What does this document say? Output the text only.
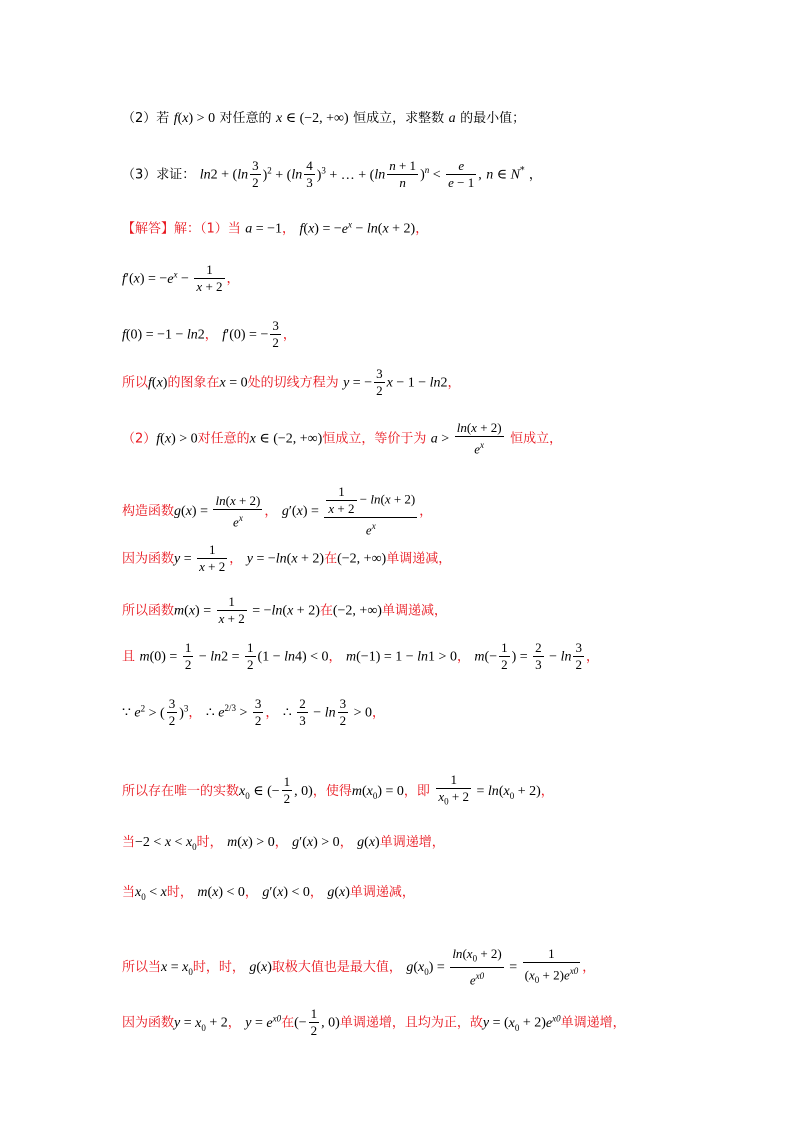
（2）若 f(x) > 0 对任意的 x ∈ (−2, +∞) 恒成立，求整数 a 的最小值；
（3）求证： $\ln 2 + (\ln \frac{3}{2} )^2 + (\ln \frac{4}{3} )^3$ + … + $(\ln \frac{n + 1}{n} )^n < \frac{e}{e - 1}$ , n ∈ N* ，
【解答】解：（1）当 a = −1， $f(x) = -e^x - \ln(x + 2)$，
$f'(x) = -e^x - \frac{1}{x + 2}$ ，
f(0) = −1 − ln2， f′(0) = − $\frac{3}{2}$ ，
所以f(x)的图象在x = 0处的切线方程为 y = − $\frac{3}{2}$ x − 1 − ln2，
（2）f(x) > 0对任意的x ∈ (−2, +∞)恒成立，等价于为 $a > \frac{\ln(x + 2)}{e^x}$ 恒成立，
构造函数$g(x) = \frac{\ln(x + 2)}{e^x}$ ， $g'(x) = \frac{\frac{1}{x + 2} - \ln(x + 2)}{e^x}$ ，
因为函数$y = \frac{1}{x + 2}$ ， y = −ln(x + 2)在(−2, +∞)单调递减，
所以函数$m(x) = \frac{1}{x + 2} = -\ln(x + 2)$在(−2, +∞)单调递减，
且 $m(0) = \frac{1}{2} - \ln 2 = \frac{1}{2} (1 - \ln 4) < 0$， m(−1) = 1 − ln1 > 0， $m(- \frac{1}{2}$ ) = $\frac{2}{3} - \ln \frac{3}{2}$ ，
∵ $e^2$ > ( $\frac{3}{2} )^3$， ∴ $e^{2/3} > \frac{3}{2}$ ， ∴ $\frac{2}{3} - \ln \frac{3}{2} > 0$，
所以存在唯一的实数$x_0$ ∈ (− $\frac{1}{2}$ , 0)，使得$m(x_0) = 0$，即 $\frac{1}{x_0 + 2} = \ln(x_0 + 2)$，
当$-2 < x < x_0$时， m(x) > 0， g′(x) > 0， g(x)单调递增，
当$x_0 < x$时， m(x) < 0， g′(x) < 0， g(x)单调递减，
所以当$x = x_0$时，时， g(x)取极大值也是最大值， $g(x_0) = \frac{\ln(x_0 + 2)}{e^{x0}} = \frac{1}{(x_0 + 2)e^{x0}}$ ，
因为函数$y = x_0 + 2$， $y = e^{x0}$在(− $\frac{1}{2}$ , 0)单调递增，且均为正，故$y = (x_0 + 2)e^{x0}$单调递增，
